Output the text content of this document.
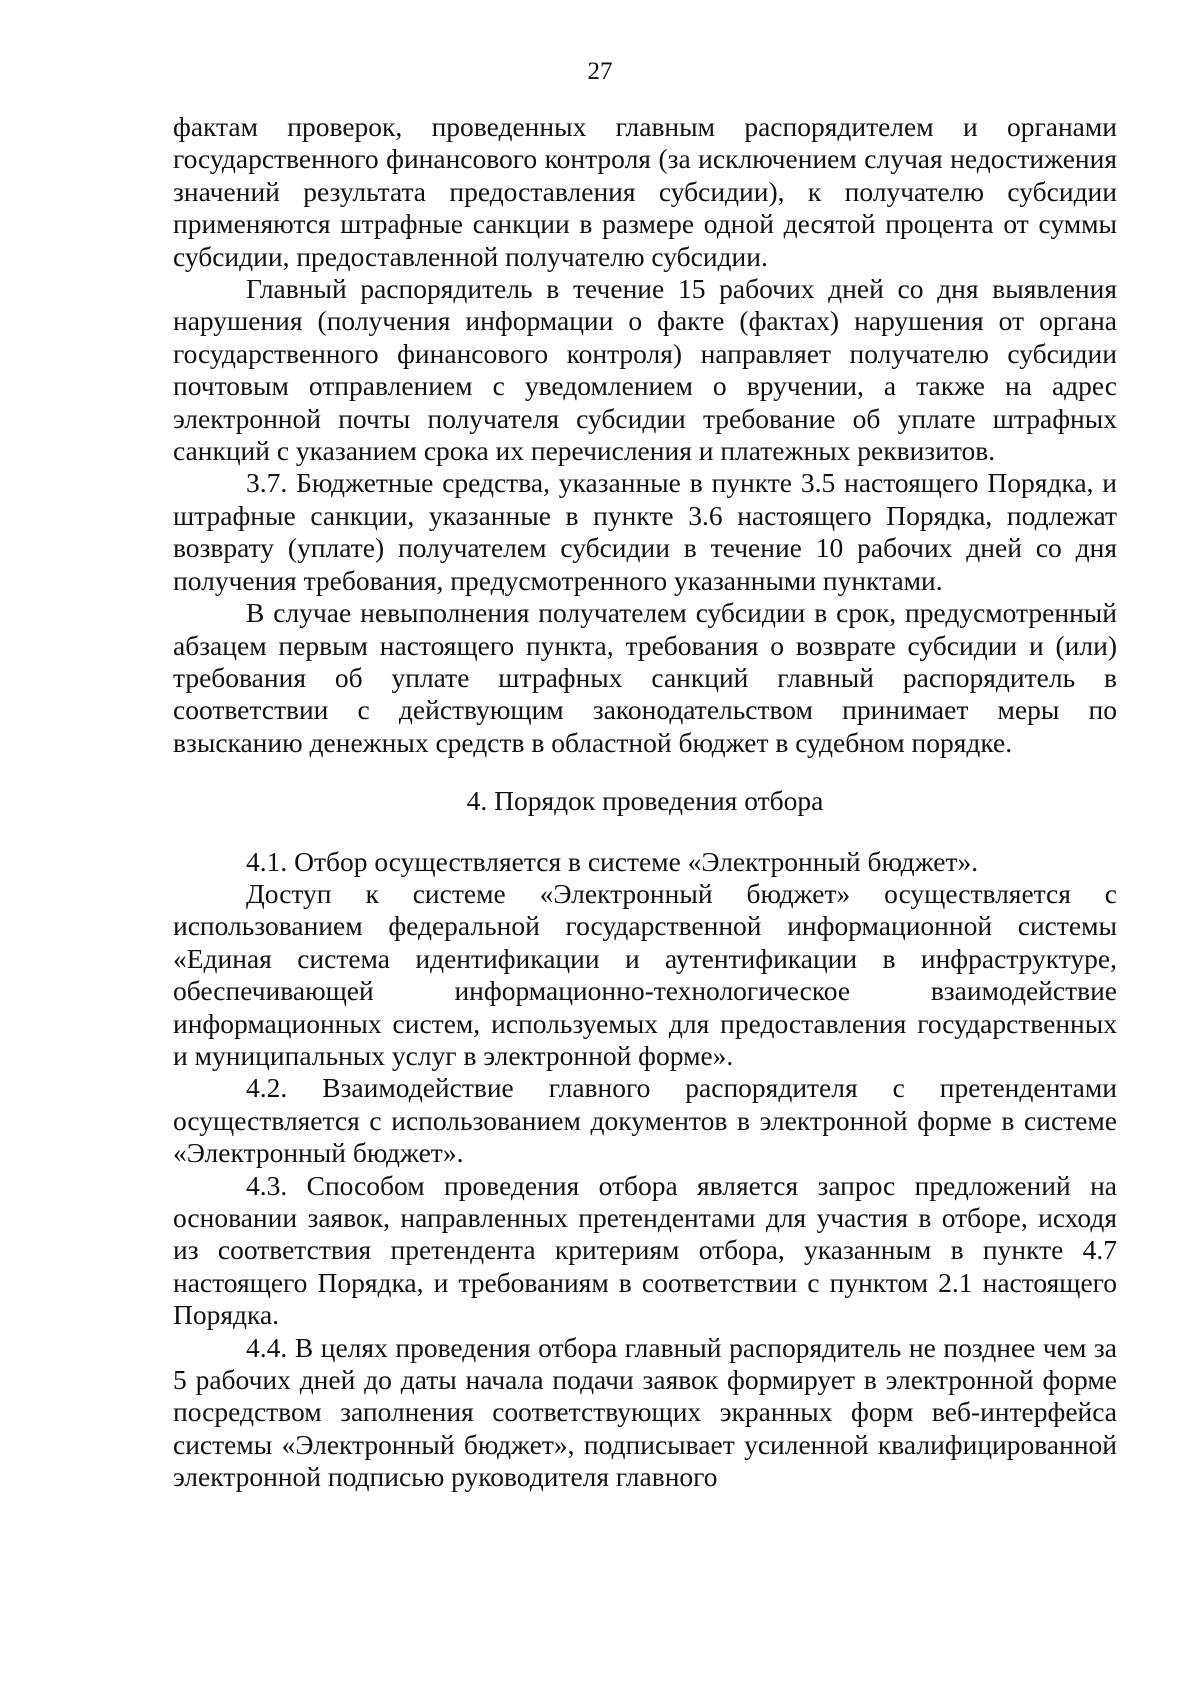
27

фактам проверок, проведенных главным распорядителем и органами государственного финансового контроля (за исключением случая недостижения значений результата предоставления субсидии), к получателю субсидии применяются штрафные санкции в размере одной десятой процента от суммы субсидии, предоставленной получателю субсидии.

Главный распорядитель в течение 15 рабочих дней со дня выявления нарушения (получения информации о факте (фактах) нарушения от органа государственного финансового контроля) направляет получателю субсидии почтовым отправлением с уведомлением о вручении, а также на адрес электронной почты получателя субсидии требование об уплате штрафных санкций с указанием срока их перечисления и платежных реквизитов.

3.7. Бюджетные средства, указанные в пункте 3.5 настоящего Порядка, и штрафные санкции, указанные в пункте 3.6 настоящего Порядка, подлежат возврату (уплате) получателем субсидии в течение 10 рабочих дней со дня получения требования, предусмотренного указанными пунктами.

В случае невыполнения получателем субсидии в срок, предусмотренный абзацем первым настоящего пункта, требования о возврате субсидии и (или) требования об уплате штрафных санкций главный распорядитель в соответствии с действующим законодательством принимает меры по взысканию денежных средств в областной бюджет в судебном порядке.

4. Порядок проведения отбора

4.1. Отбор осуществляется в системе «Электронный бюджет».

Доступ к системе «Электронный бюджет» осуществляется с использованием федеральной государственной информационной системы «Единая система идентификации и аутентификации в инфраструктуре, обеспечивающей информационно-технологическое взаимодействие информационных систем, используемых для предоставления государственных и муниципальных услуг в электронной форме».

4.2. Взаимодействие главного распорядителя с претендентами осуществляется с использованием документов в электронной форме в системе «Электронный бюджет».

4.3. Способом проведения отбора является запрос предложений на основании заявок, направленных претендентами для участия в отборе, исходя из соответствия претендента критериям отбора, указанным в пункте 4.7 настоящего Порядка, и требованиям в соответствии с пунктом 2.1 настоящего Порядка.

4.4. В целях проведения отбора главный распорядитель не позднее чем за 5 рабочих дней до даты начала подачи заявок формирует в электронной форме посредством заполнения соответствующих экранных форм веб-интерфейса системы «Электронный бюджет», подписывает усиленной квалифицированной электронной подписью руководителя главного
